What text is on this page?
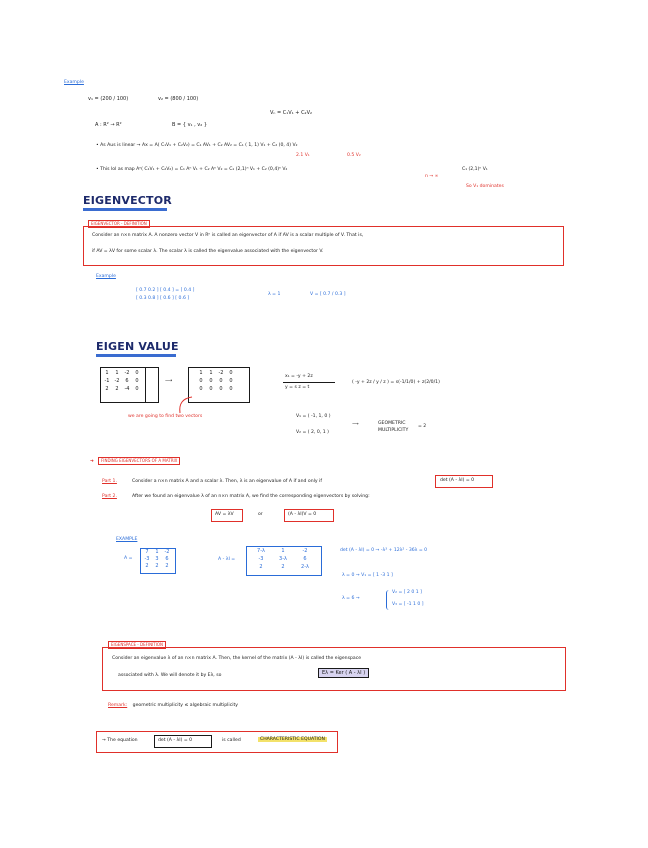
Example
v₁ = (200 / 100)	v₂ = (800 / 100)
Vₙ = C₁V₁ + C₂V₂
A : R² → R²	B = { v₁ , v₂ }
• As Aus is linear → Ax = A( C₁V₁ + C₂V₂) = C₁ AV₁ + C₂ AV₂ = C₁ ( 1, 1) V₁ + C₂ (0, 4) V₂
2.1 V₁	0.5 V₂
• This lol as map Aⁿ( C₁V₁ + C₂V₂) = C₁ Aⁿ V₁ + C₂ Aⁿ V₂ = C₁ (2,1)ⁿ V₁ + C₂ (0,4)ⁿ V₂
n → ∞
C₁ (2,1)ⁿ V₁
So V₁ dominates
EIGENVECTOR
EIGENVECTOR - DEFINITION
Consider an n×n matrix A. A nonzero vector V in Rⁿ is called an eigenvector of A if AV is a scalar multiple of V. That is,
if AV = λV for some scalar λ. The scalar λ is called the eigenvalue associated with the eigenvector V.
Example
[ 0.7 0.2 ] [ 0.4 ] = [ 0.4 ]
[ 0.3 0.8 ] [ 0.6 ] [ 0.6 ]
λ = 1	V = [ 0.7 / 0.3 ]
EIGEN VALUE
1 1 -2 0
-1 -2 6 0
2 2 -4 0
⟶
1 1 -2 0
0 0 0 0
0 0 0 0
x₁ = -y + 2z
y = s z = t
( -y + 2z / y / z ) = s(-1/1/0) + z(2/0/1)
we are going to find two vectors	V₁ = ( -1, 1, 0 )
V₂ = ( 2, 0, 1 )
⟶	GEOMETRIC MULTIPLICITY
= 2
➜	FINDING EIGENVECTORS OF A MATRIX
Part 1.	Consider a n×n matrix A and a scalar λ. Then, λ is an eigenvalue of A if and only if	det (A - λI) = 0
Part 2.	After we found an eigenvalue λ of an n×n matrix A, we find the corresponding eigenvectors by solving:
AV = λV	or	(A - λI)V = 0
EXAMPLE
A =
7 1 -2
-3 3 6
2 2 2
A - λI =
7-λ	1	-2
-3	3-λ	6
2	2	2-λ
det (A - λI) = 0 → -λ³ + 12λ² - 36λ = 0
λ = 0 → V₁ = [ 1 -3 1 ]
λ = 6 →
V₂ = [ 2 0 1 ]
V₃ = [ -1 1 0 ]
EIGENSPACE - DEFINITION
Consider an eigenvalue λ of an n×n matrix A. Then, the kernel of the matrix (A - λI) is called the eigenspace
associated with λ. We will denote it by Eλ, so	Eλ = Ker ( A - λI )
Remark: geometric multiplicity ≤ algebraic multiplicity
→ The equation	det (A - λI) = 0	is called	CHARACTERISTIC EQUATION
